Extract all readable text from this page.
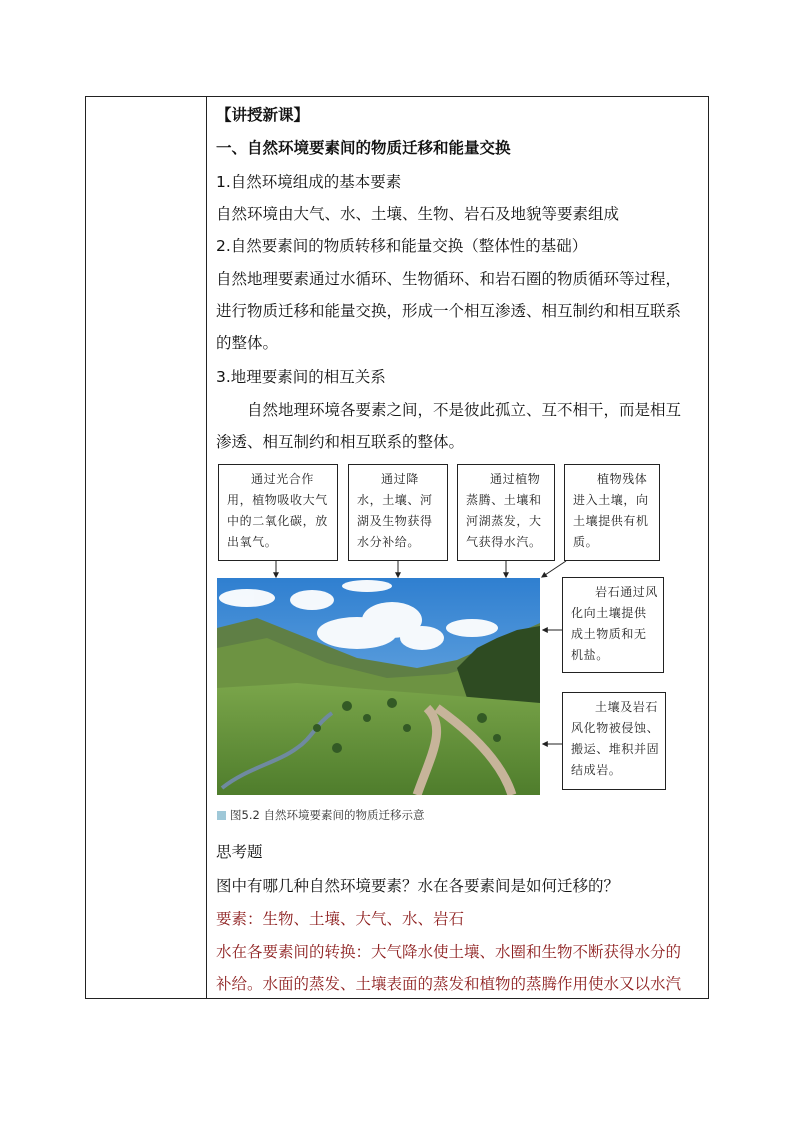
【讲授新课】
一、自然环境要素间的物质迁移和能量交换
1.自然环境组成的基本要素
自然环境由大气、水、土壤、生物、岩石及地貌等要素组成
2.自然要素间的物质转移和能量交换（整体性的基础）
自然地理要素通过水循环、生物循环、和岩石圈的物质循环等过程，
进行物质迁移和能量交换，形成一个相互渗透、相互制约和相互联系
的整体。
3.地理要素间的相互关系
自然地理环境各要素之间，不是彼此孤立、互不相干，而是相互
渗透、相互制约和相互联系的整体。
通过光合作用，植物吸收大气中的二氧化碳，放出氧气。
通过降水，土壤、河湖及生物获得水分补给。
通过植物蒸腾、土壤和河湖蒸发，大气获得水汽。
植物残体进入土壤，向土壤提供有机质。
岩石通过风化向土壤提供成土物质和无机盐。
土壤及岩石风化物被侵蚀、搬运、堆积并固结成岩。
图5.2 自然环境要素间的物质迁移示意
思考题
图中有哪几种自然环境要素？水在各要素间是如何迁移的？
要素：生物、土壤、大气、水、岩石
水在各要素间的转换：大气降水使土壤、水圈和生物不断获得水分的
补给。水面的蒸发、土壤表面的蒸发和植物的蒸腾作用使水又以水汽
